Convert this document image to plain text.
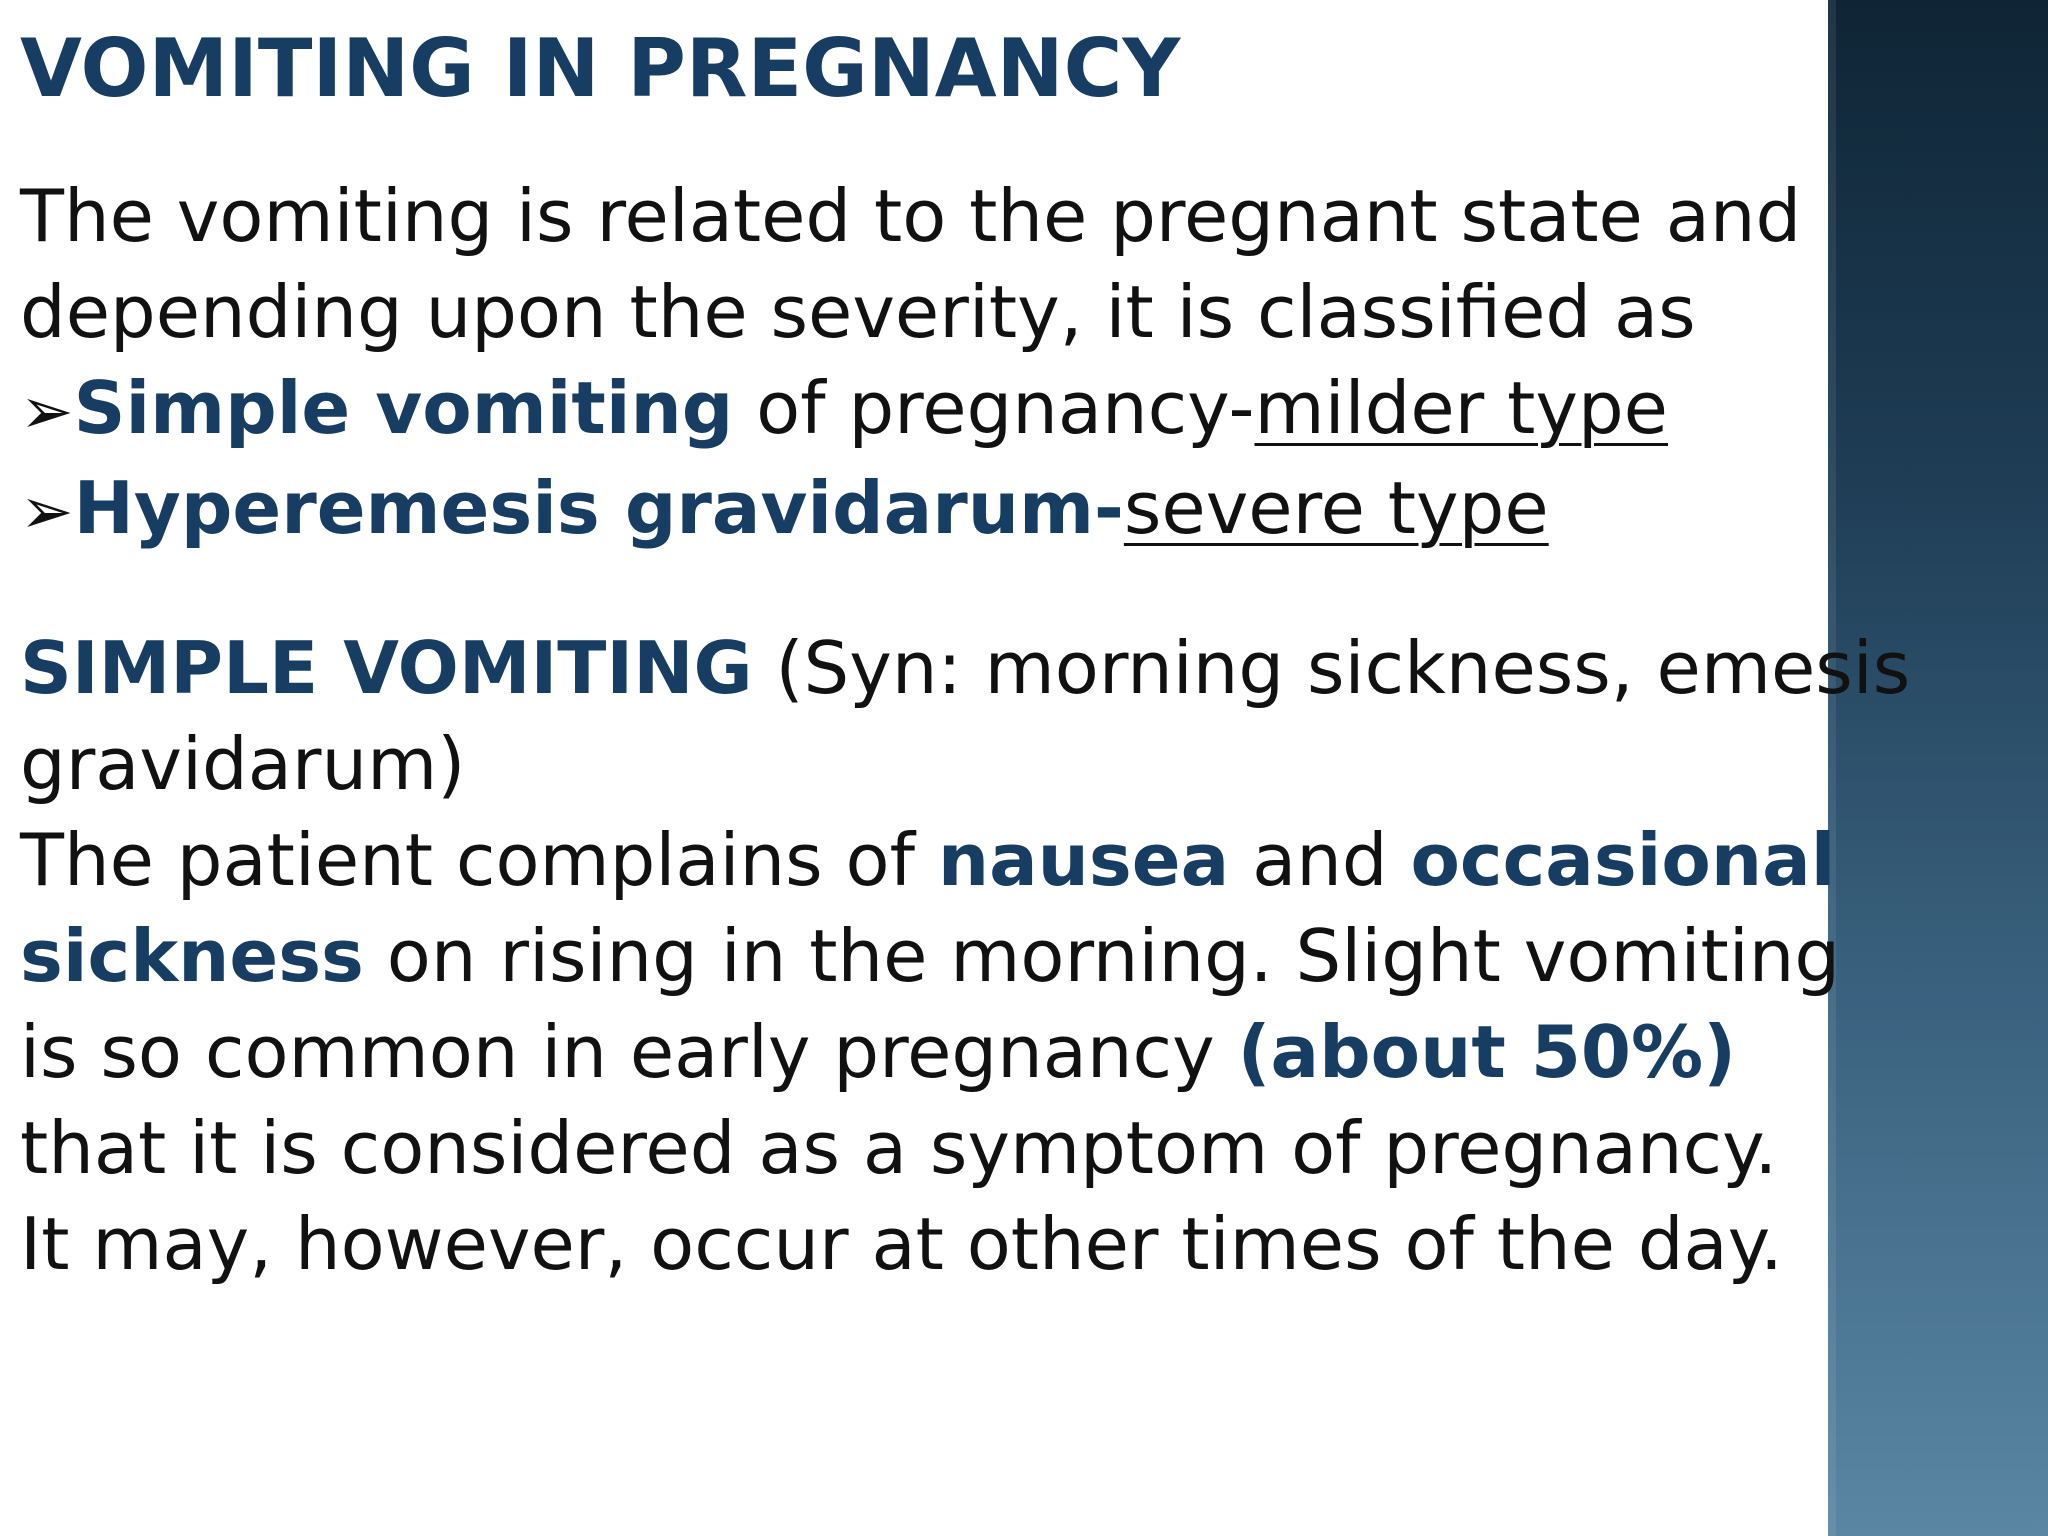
VOMITING IN PREGNANCY

The vomiting is related to the pregnant state and
depending upon the severity, it is classified as
➢Simple vomiting of pregnancy-milder type
➢Hyperemesis gravidarum-severe type

SIMPLE VOMITING (Syn: morning sickness, emesis
gravidarum)
The patient complains of nausea and occasional
sickness on rising in the morning. Slight vomiting
is so common in early pregnancy (about 50%)
that it is considered as a symptom of pregnancy.
It may, however, occur at other times of the day.
